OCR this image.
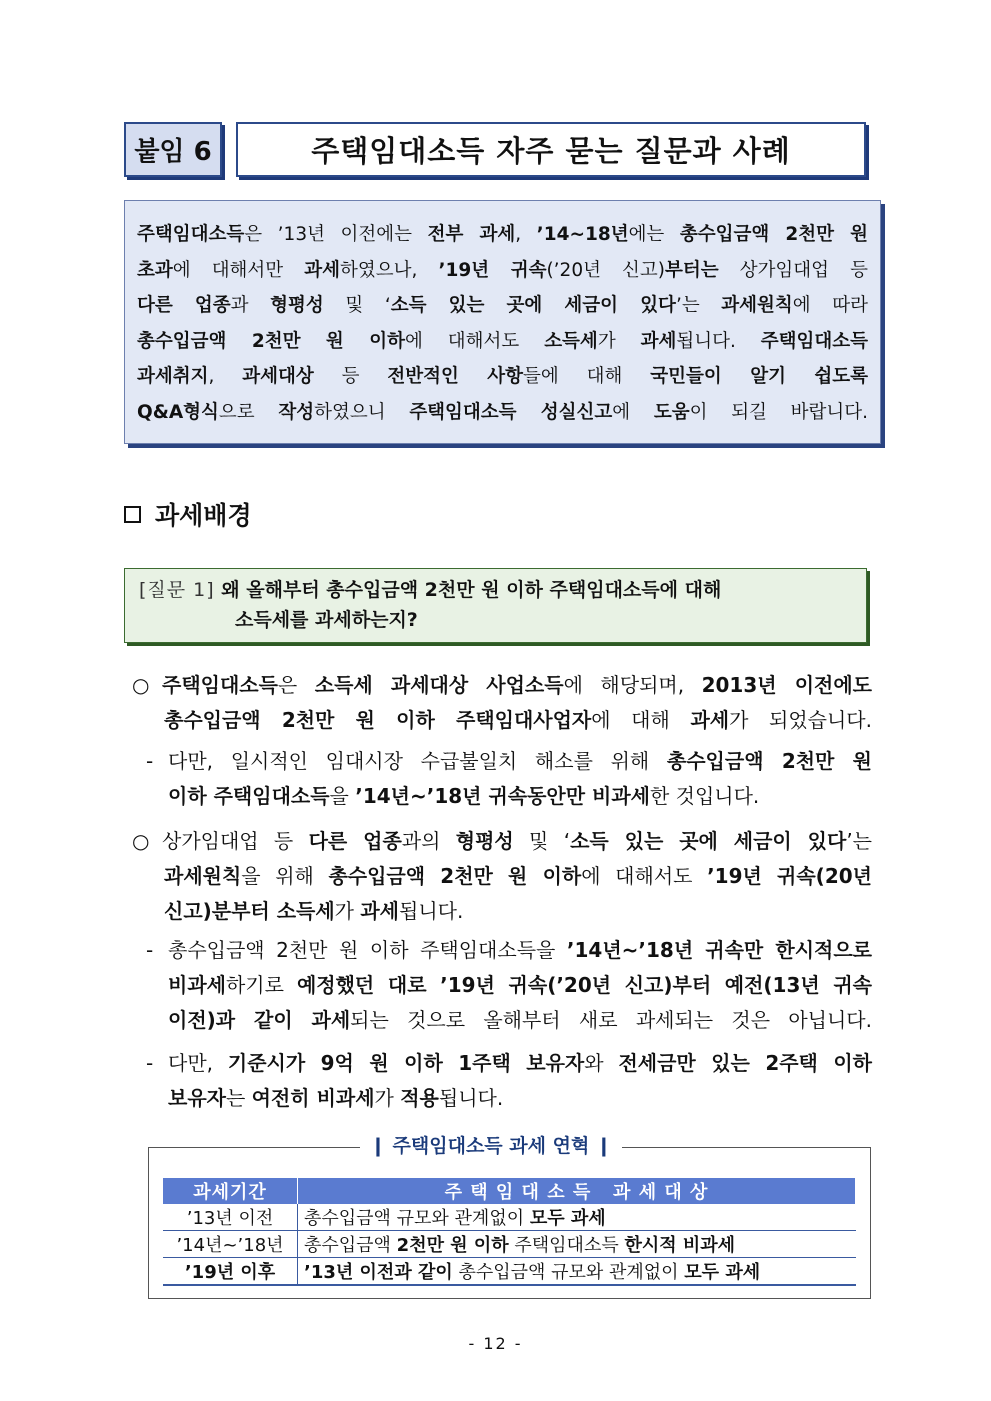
붙임 6	주택임대소득 자주 묻는 질문과 사례
주택임대소득은 ’13년 이전에는 전부 과세, ’14~18년에는 총수입금액 2천만 원
초과에 대해서만 과세하였으나, ’19년 귀속(’20년 신고)부터는 상가임대업 등
다른 업종과 형평성 및 ‘소득 있는 곳에 세금이 있다’는 과세원칙에 따라
총수입금액 2천만 원 이하에 대해서도 소득세가 과세됩니다. 주택임대소득
과세취지, 과세대상 등 전반적인 사항들에 대해 국민들이 알기 쉽도록
Q&A형식으로 작성하였으니 주택임대소득 성실신고에 도움이 되길 바랍니다.
과세배경
[질문 1] 왜 올해부터 총수입금액 2천만 원 이하 주택임대소득에 대해
소득세를 과세하는지?
○ 주택임대소득은 소득세 과세대상 사업소득에 해당되며, 2013년 이전에도
총수입금액 2천만 원 이하 주택임대사업자에 대해 과세가 되었습니다.
- 다만, 일시적인 임대시장 수급불일치 해소를 위해 총수입금액 2천만 원
이하 주택임대소득을 ’14년~’18년 귀속동안만 비과세한 것입니다.
○ 상가임대업 등 다른 업종과의 형평성 및 ‘소득 있는 곳에 세금이 있다’는
과세원칙을 위해 총수입금액 2천만 원 이하에 대해서도 ’19년 귀속(20년
신고)분부터 소득세가 과세됩니다.
- 총수입금액 2천만 원 이하 주택임대소득을 ’14년~’18년 귀속만 한시적으로
비과세하기로 예정했던 대로 ’19년 귀속(’20년 신고)부터 예전(13년 귀속
이전)과 같이 과세되는 것으로 올해부터 새로 과세되는 것은 아닙니다.
- 다만, 기준시가 9억 원 이하 1주택 보유자와 전세금만 있는 2주택 이하
보유자는 여전히 비과세가 적용됩니다.
❙ 주택임대소득 과세 연혁 ❙
과세기간	주 택 임 대 소 득   과 세 대 상
’13년 이전	총수입금액 규모와 관계없이 모두 과세
’14년~’18년	총수입금액 2천만 원 이하 주택임대소득 한시적 비과세
’19년 이후	’13년 이전과 같이 총수입금액 규모와 관계없이 모두 과세
- 12 -
